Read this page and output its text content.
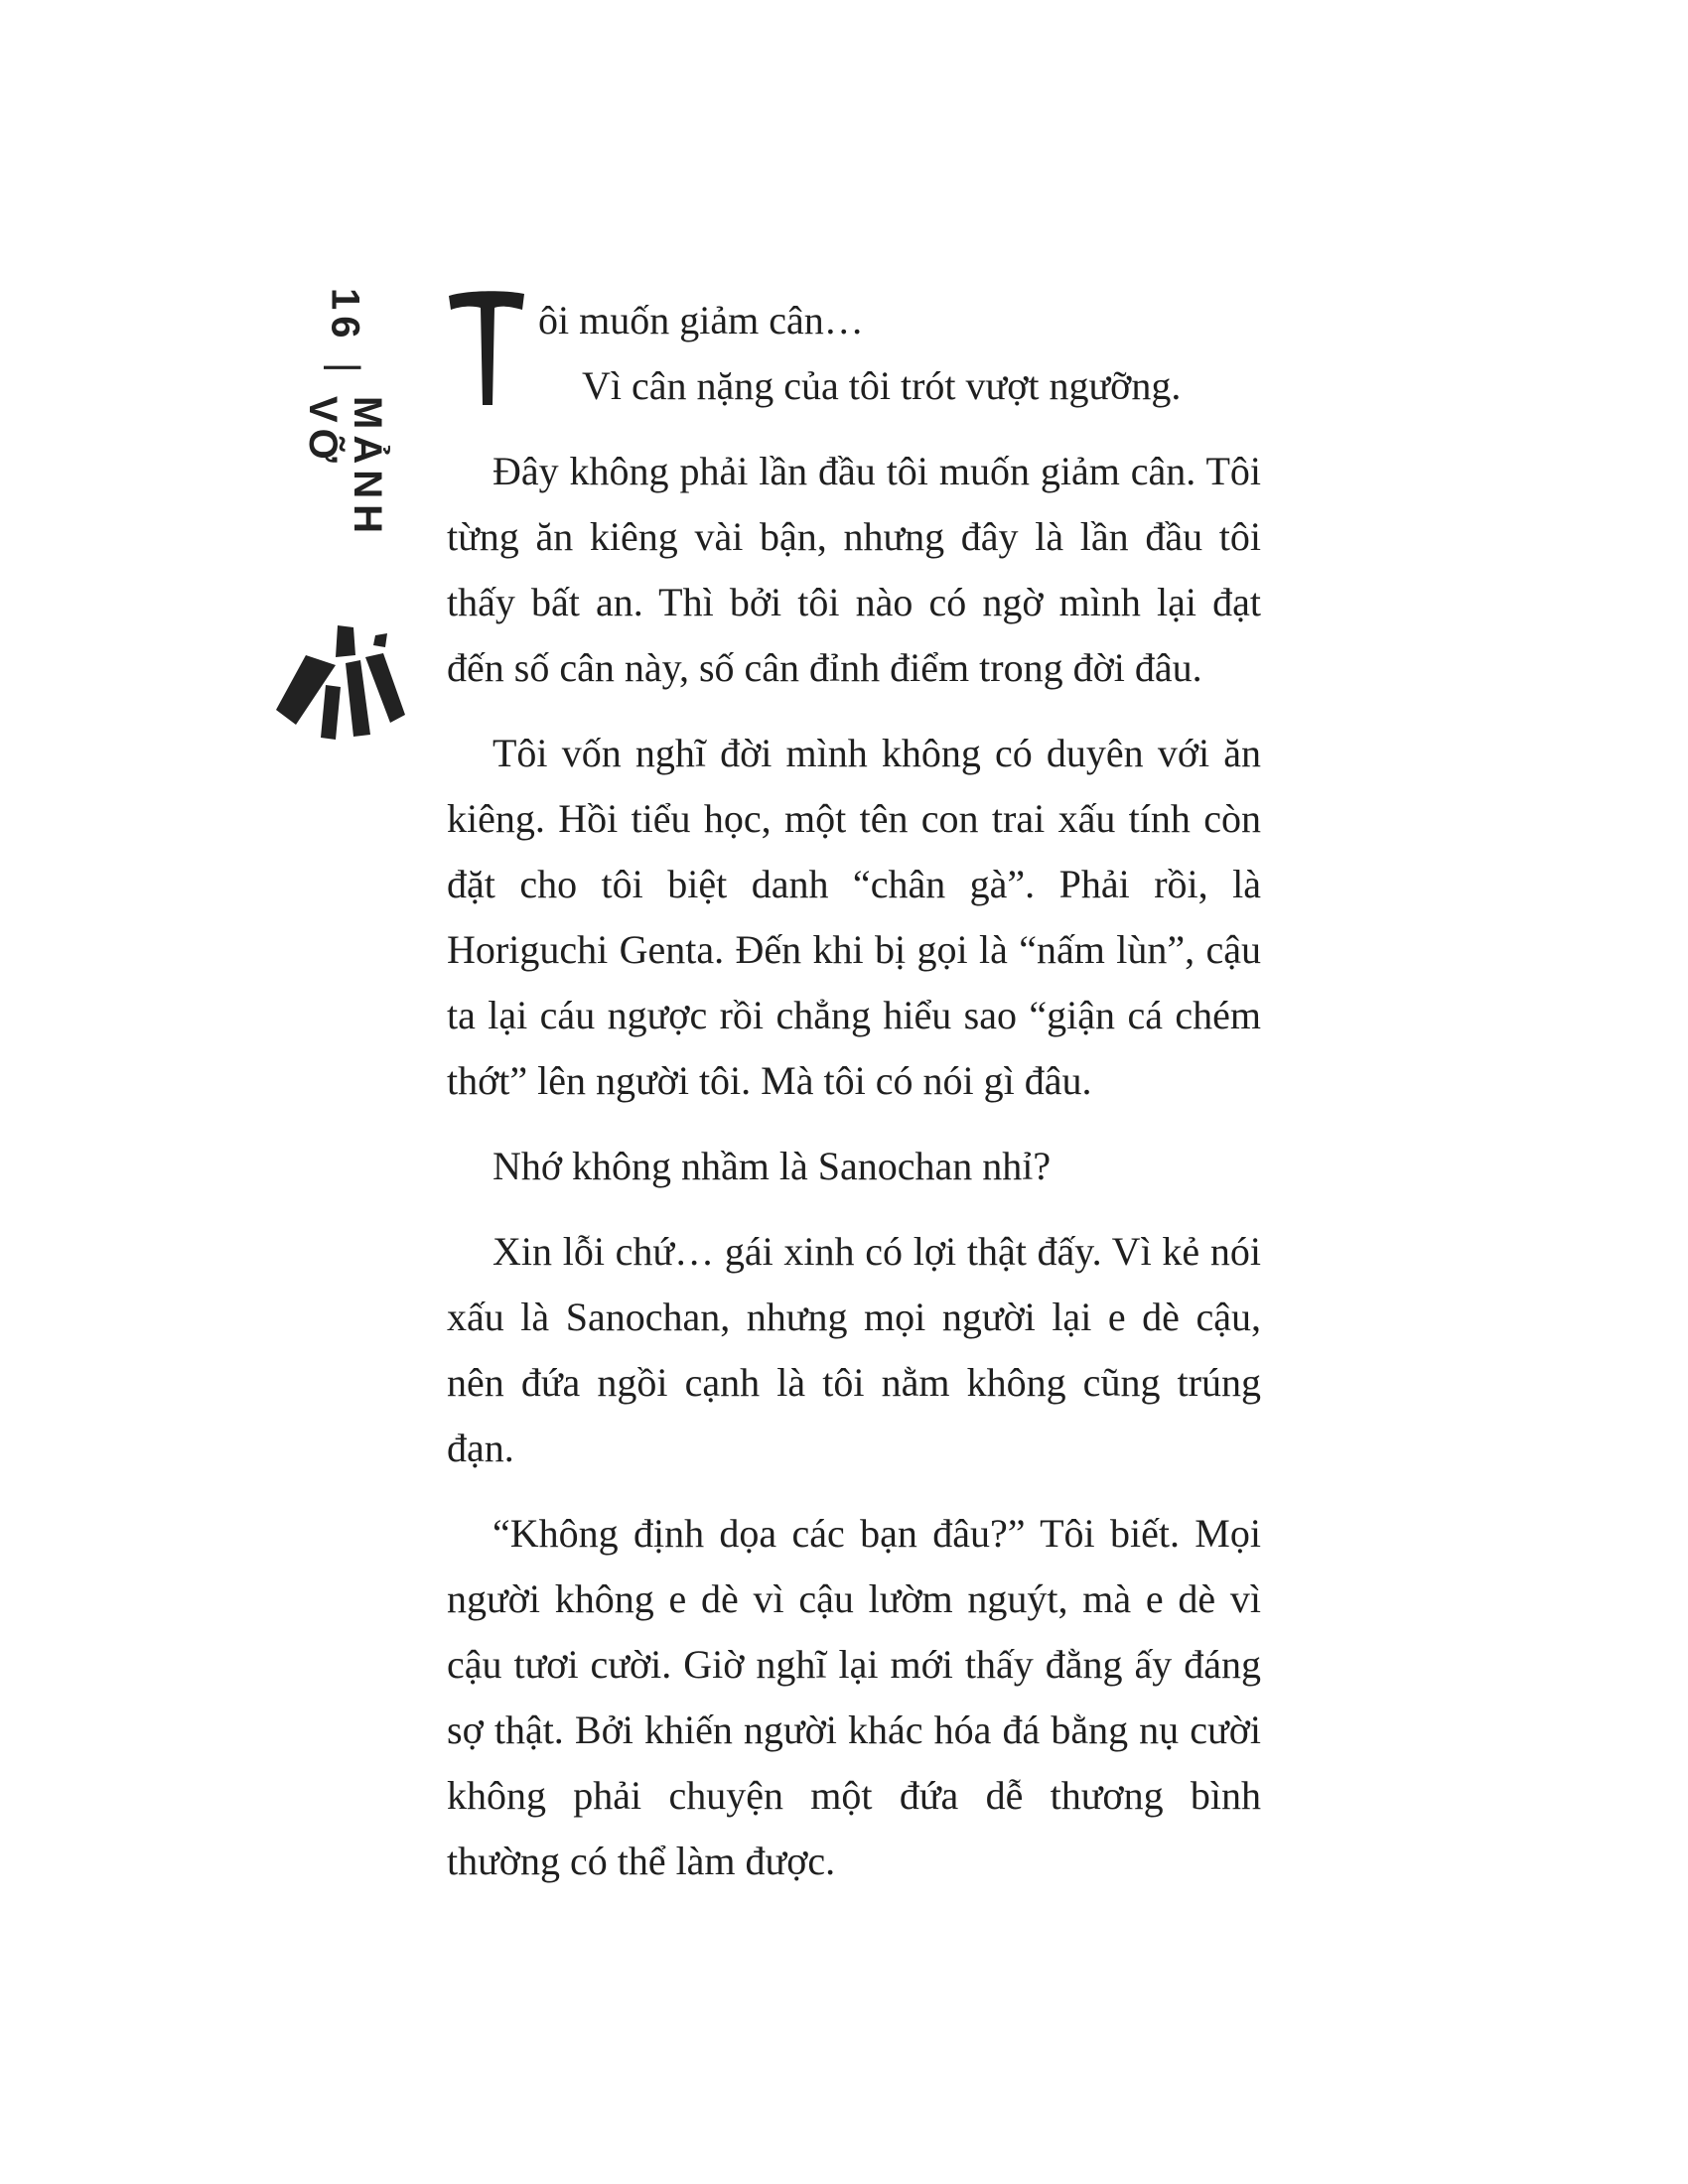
16
|
MẢNH VỠ
T
ôi muốn giảm cân…
Vì cân nặng của tôi trót vượt ngưỡng.

Đây không phải lần đầu tôi muốn giảm cân. Tôi từng ăn kiêng vài bận, nhưng đây là lần đầu tôi thấy bất an. Thì bởi tôi nào có ngờ mình lại đạt đến số cân này, số cân đỉnh điểm trong đời đâu.

Tôi vốn nghĩ đời mình không có duyên với ăn kiêng. Hồi tiểu học, một tên con trai xấu tính còn đặt cho tôi biệt danh “chân gà”. Phải rồi, là Horiguchi Genta. Đến khi bị gọi là “nấm lùn”, cậu ta lại cáu ngược rồi chẳng hiểu sao “giận cá chém thớt” lên người tôi. Mà tôi có nói gì đâu.

Nhớ không nhầm là Sanochan nhỉ?

Xin lỗi chứ… gái xinh có lợi thật đấy. Vì kẻ nói xấu là Sanochan, nhưng mọi người lại e dè cậu, nên đứa ngồi cạnh là tôi nằm không cũng trúng đạn.

“Không định dọa các bạn đâu?” Tôi biết. Mọi người không e dè vì cậu lườm nguýt, mà e dè vì cậu tươi cười. Giờ nghĩ lại mới thấy đằng ấy đáng sợ thật. Bởi khiến người khác hóa đá bằng nụ cười không phải chuyện một đứa dễ thương bình thường có thể làm được.
